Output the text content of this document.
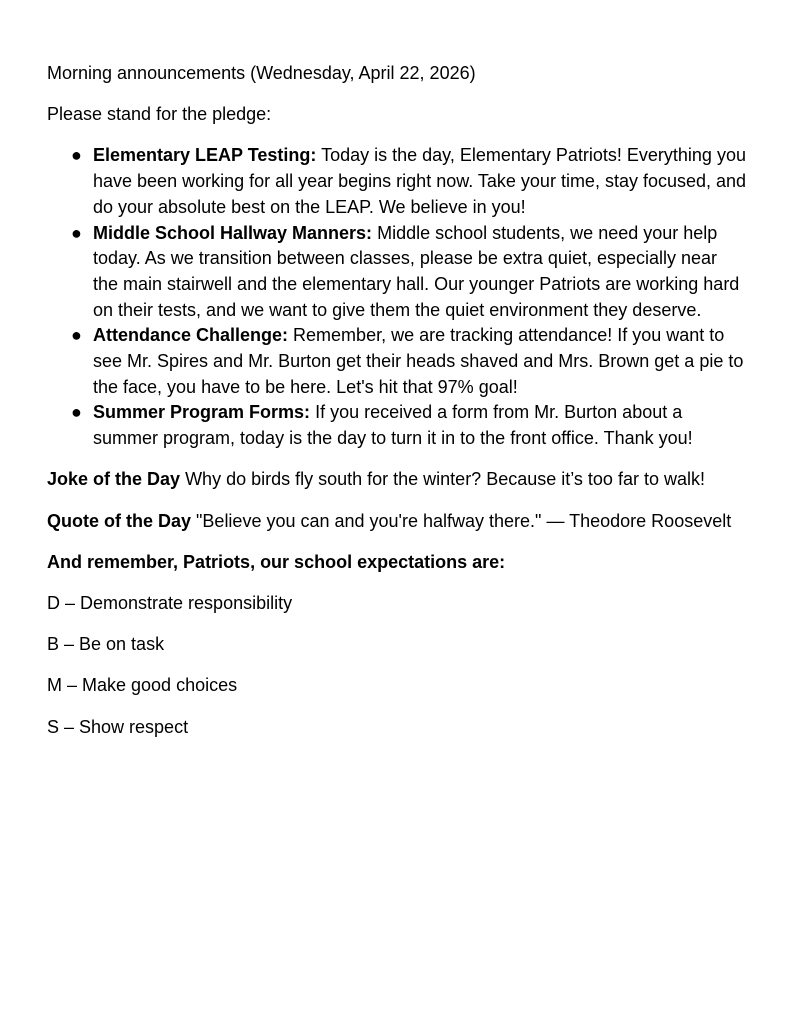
Morning announcements (Wednesday, April 22, 2026)

Please stand for the pledge:

● Elementary LEAP Testing: Today is the day, Elementary Patriots! Everything you have been working for all year begins right now. Take your time, stay focused, and do your absolute best on the LEAP. We believe in you!
● Middle School Hallway Manners: Middle school students, we need your help today. As we transition between classes, please be extra quiet, especially near the main stairwell and the elementary hall. Our younger Patriots are working hard on their tests, and we want to give them the quiet environment they deserve.
● Attendance Challenge: Remember, we are tracking attendance! If you want to see Mr. Spires and Mr. Burton get their heads shaved and Mrs. Brown get a pie to the face, you have to be here. Let's hit that 97% goal!
● Summer Program Forms: If you received a form from Mr. Burton about a summer program, today is the day to turn it in to the front office. Thank you!

Joke of the Day Why do birds fly south for the winter? Because it’s too far to walk!

Quote of the Day "Believe you can and you're halfway there." — Theodore Roosevelt

And remember, Patriots, our school expectations are:

D – Demonstrate responsibility

B – Be on task

M – Make good choices

S – Show respect
